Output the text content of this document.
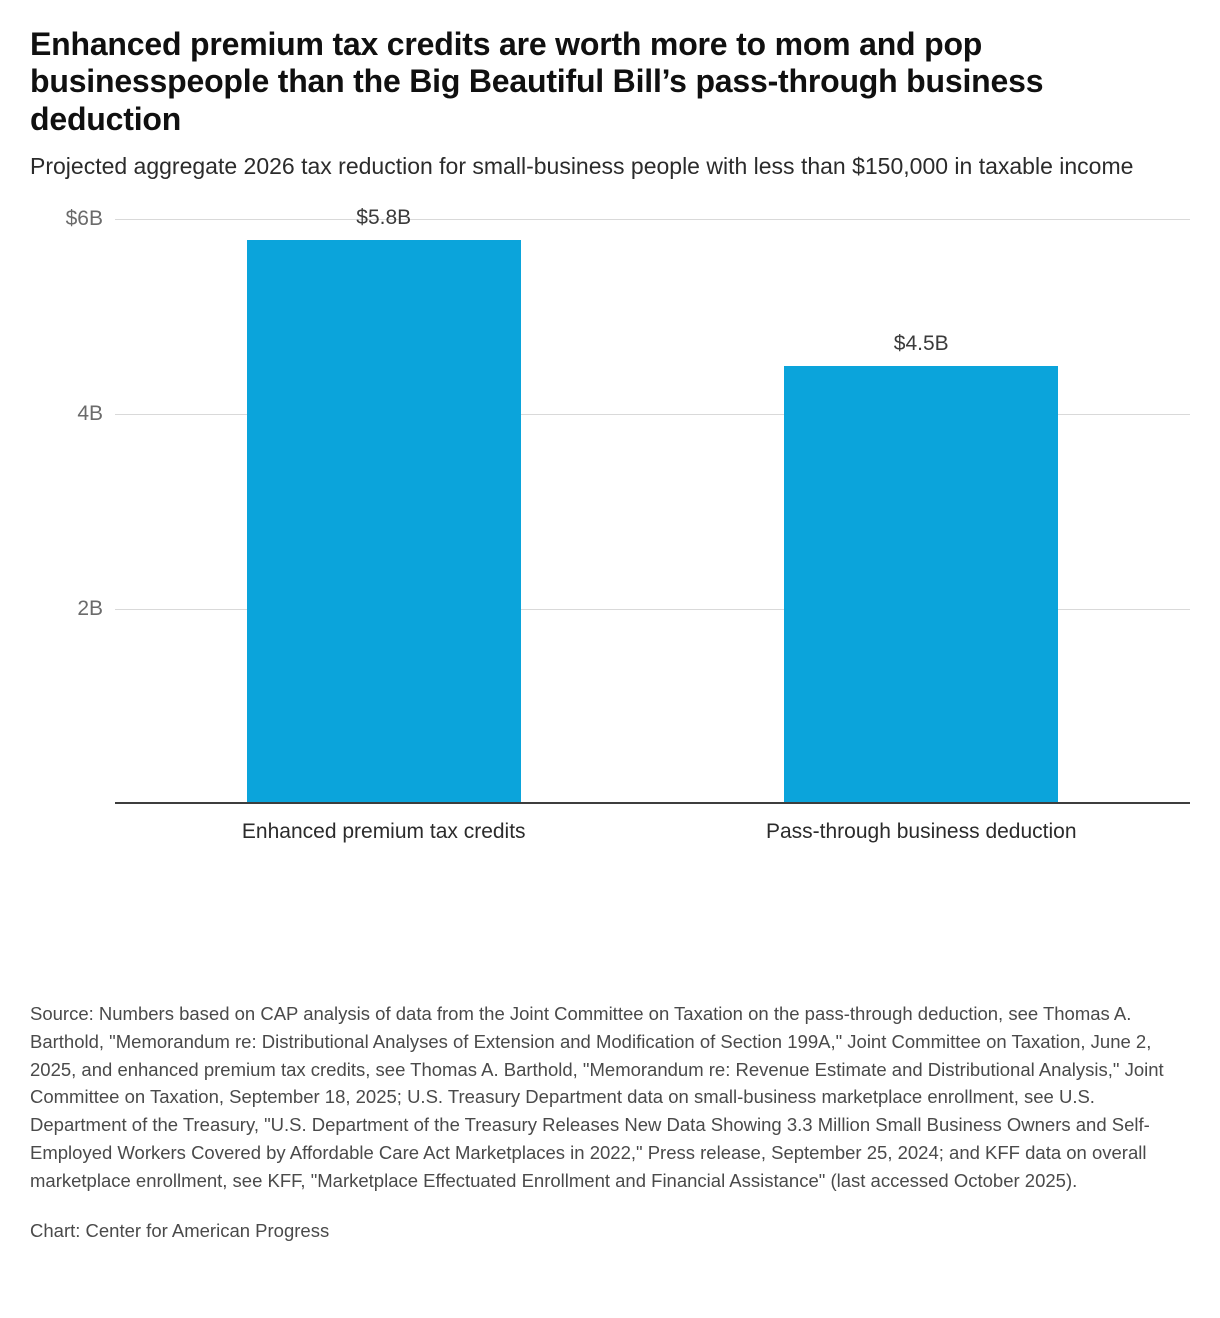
Enhanced premium tax credits are worth more to mom and pop businesspeople than the Big Beautiful Bill’s pass-through business deduction

Projected aggregate 2026 tax reduction for small-business people with less than $150,000 in taxable income

2B
4B
$6B	$5.8B
Enhanced premium tax credits
$4.5B
Pass-through business deduction

Source: Numbers based on CAP analysis of data from the Joint Committee on Taxation on the pass-through deduction, see Thomas A. Barthold, "Memorandum re: Distributional Analyses of Extension and Modification of Section 199A," Joint Committee on Taxation, June 2, 2025, and enhanced premium tax credits, see Thomas A. Barthold, "Memorandum re: Revenue Estimate and Distributional Analysis," Joint Committee on Taxation, September 18, 2025; U.S. Treasury Department data on small-business marketplace enrollment, see U.S. Department of the Treasury, "U.S. Department of the Treasury Releases New Data Showing 3.3 Million Small Business Owners and Self-Employed Workers Covered by Affordable Care Act Marketplaces in 2022," Press release, September 25, 2024; and KFF data on overall marketplace enrollment, see KFF, "Marketplace Effectuated Enrollment and Financial Assistance" (last accessed October 2025).

Chart: Center for American Progress
